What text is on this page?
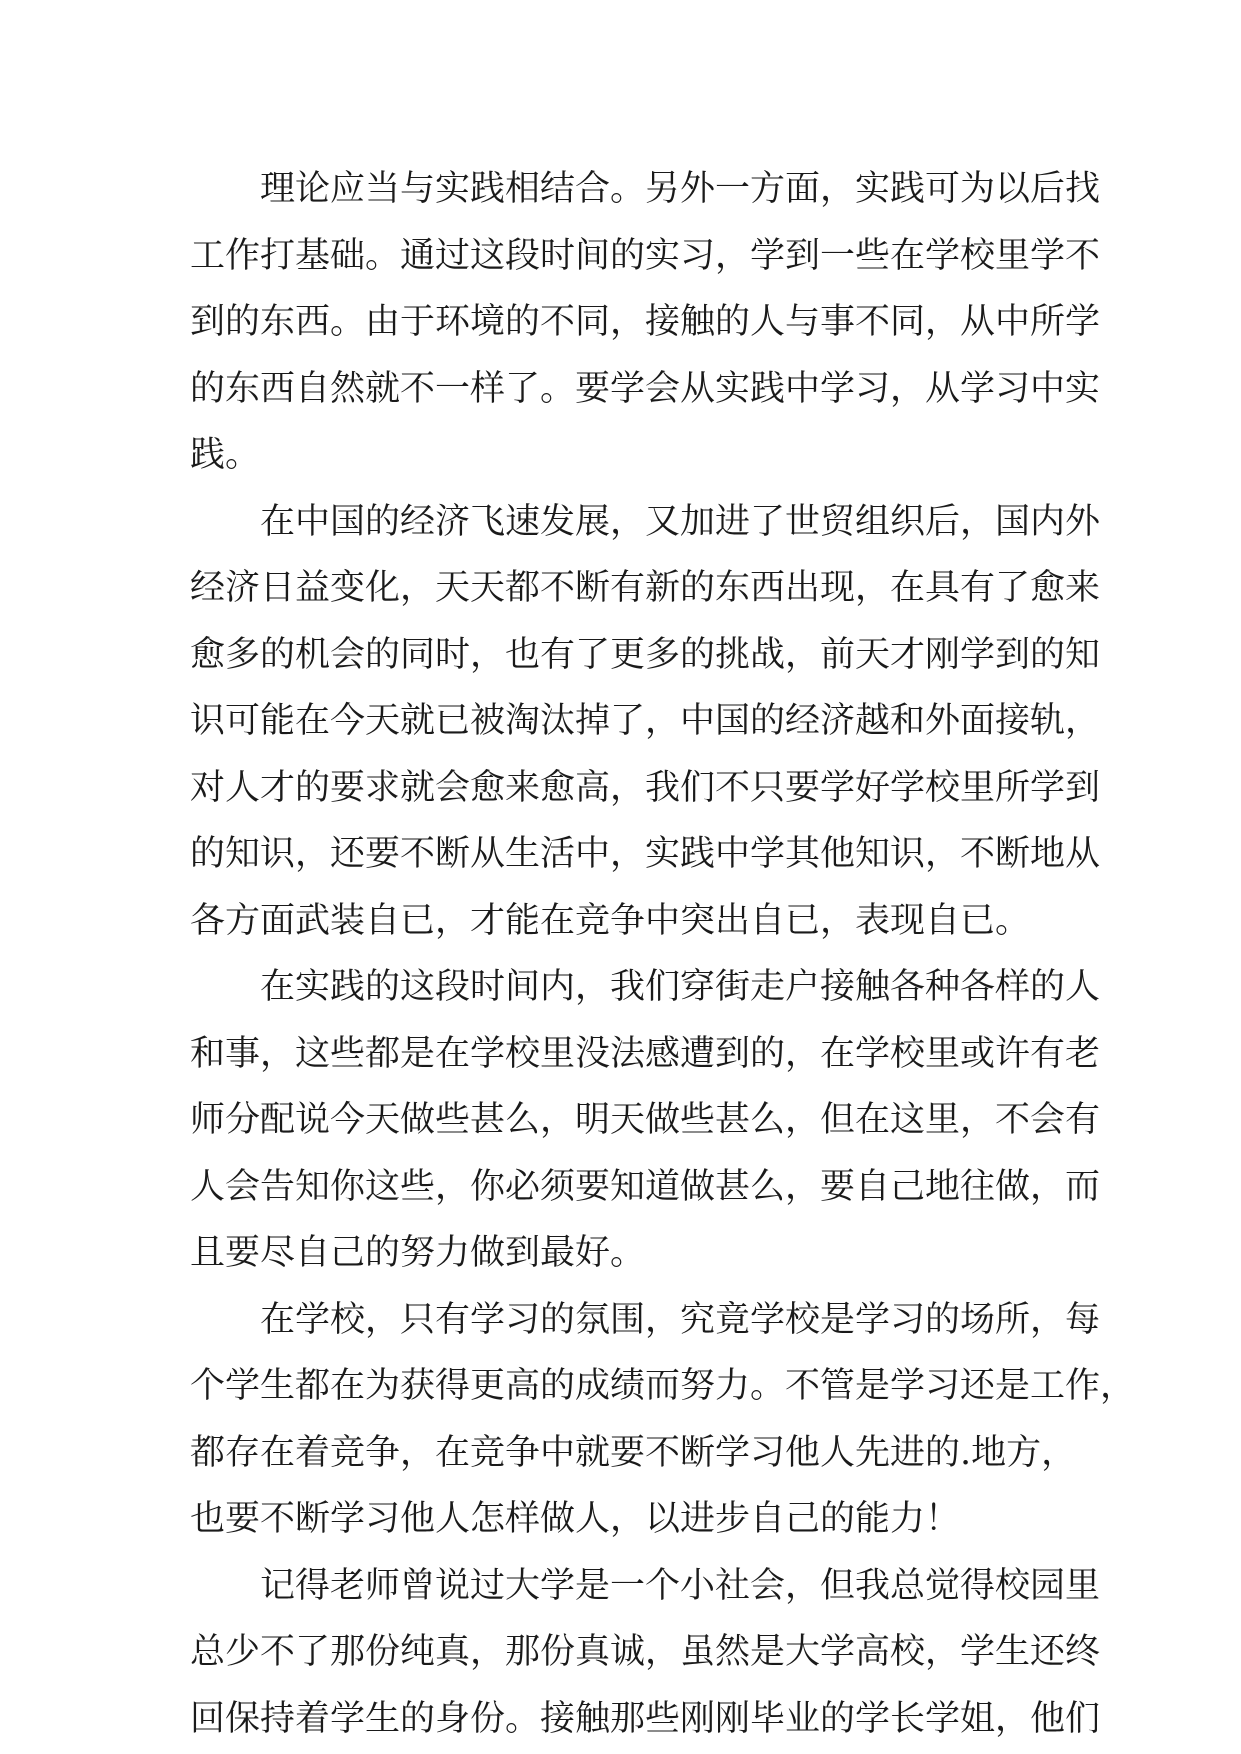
理论应当与实践相结合。另外一方面，实践可为以后找
工作打基础。通过这段时间的实习，学到一些在学校里学不
到的东西。由于环境的不同，接触的人与事不同，从中所学
的东西自然就不一样了。要学会从实践中学习，从学习中实
践。
在中国的经济飞速发展，又加进了世贸组织后，国内外
经济日益变化，天天都不断有新的东西出现，在具有了愈来
愈多的机会的同时，也有了更多的挑战，前天才刚学到的知
识可能在今天就已被淘汰掉了，中国的经济越和外面接轨，
对人才的要求就会愈来愈高，我们不只要学好学校里所学到
的知识，还要不断从生活中，实践中学其他知识，不断地从
各方面武装自已，才能在竞争中突出自已，表现自已。
在实践的这段时间内，我们穿街走户接触各种各样的人
和事，这些都是在学校里没法感遭到的，在学校里或许有老
师分配说今天做些甚么，明天做些甚么，但在这里，不会有
人会告知你这些，你必须要知道做甚么，要自己地往做，而
且要尽自己的努力做到最好。
在学校，只有学习的氛围，究竟学校是学习的场所，每
个学生都在为获得更高的成绩而努力。不管是学习还是工作，
都存在着竞争，在竞争中就要不断学习他人先进的.地方，
也要不断学习他人怎样做人，以进步自己的能力！
记得老师曾说过大学是一个小社会，但我总觉得校园里
总少不了那份纯真，那份真诚，虽然是大学高校，学生还终
回保持着学生的身份。接触那些刚刚毕业的学长学姐，他们
